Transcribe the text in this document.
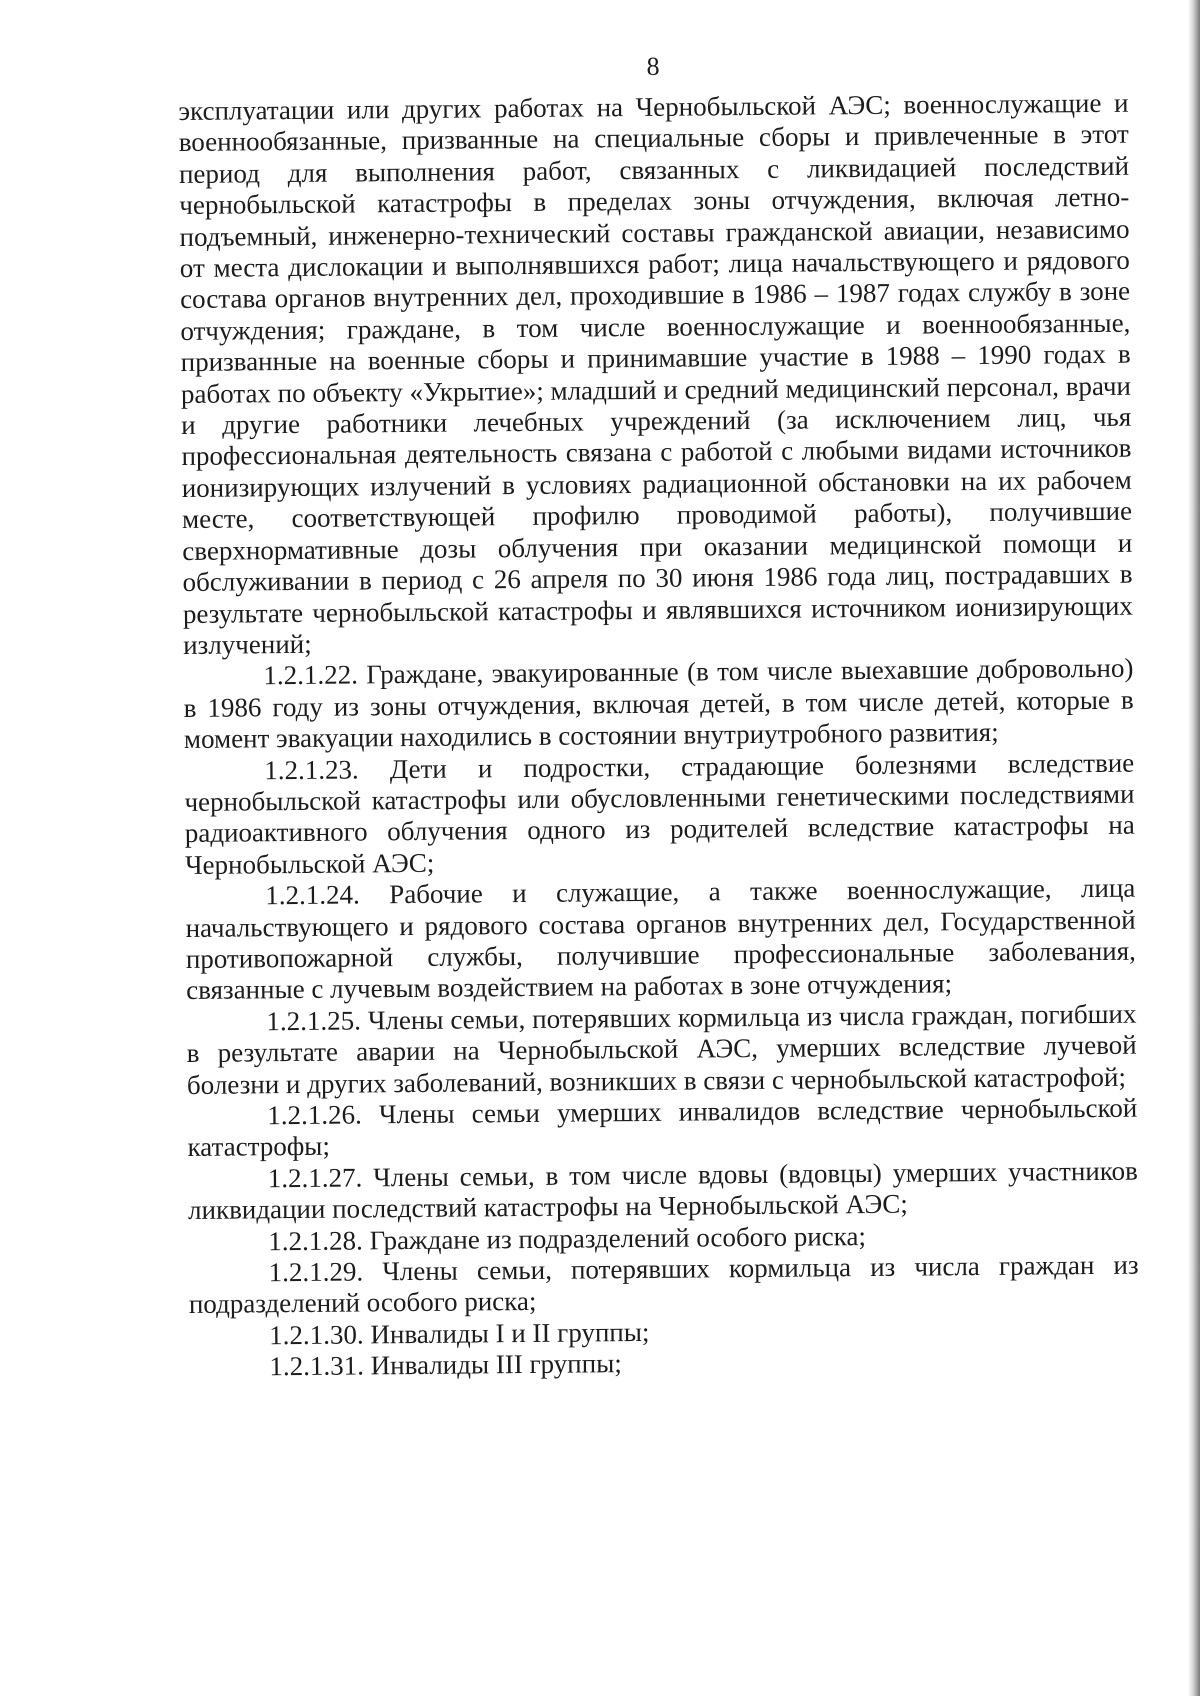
8

эксплуатации или других работах на Чернобыльской АЭС; военнослужащие и военнообязанные, призванные на специальные сборы и привлеченные в этот период для выполнения работ, связанных с ликвидацией последствий чернобыльской катастрофы в пределах зоны отчуждения, включая летно-подъемный, инженерно-технический составы гражданской авиации, независимо от места дислокации и выполнявшихся работ; лица начальствующего и рядового состава органов внутренних дел, проходившие в 1986 – 1987 годах службу в зоне отчуждения; граждане, в том числе военнослужащие и военнообязанные, призванные на военные сборы и принимавшие участие в 1988 – 1990 годах в работах по объекту «Укрытие»; младший и средний медицинский персонал, врачи и другие работники лечебных учреждений (за исключением лиц, чья профессиональная деятельность связана с работой с любыми видами источников ионизирующих излучений в условиях радиационной обстановки на их рабочем месте, соответствующей профилю проводимой работы), получившие сверхнормативные дозы облучения при оказании медицинской помощи и обслуживании в период с 26 апреля по 30 июня 1986 года лиц, пострадавших в результате чернобыльской катастрофы и являвшихся источником ионизирующих излучений;

1.2.1.22. Граждане, эвакуированные (в том числе выехавшие добровольно) в 1986 году из зоны отчуждения, включая детей, в том числе детей, которые в момент эвакуации находились в состоянии внутриутробного развития;

1.2.1.23. Дети и подростки, страдающие болезнями вследствие чернобыльской катастрофы или обусловленными генетическими последствиями радиоактивного облучения одного из родителей вследствие катастрофы на Чернобыльской АЭС;

1.2.1.24. Рабочие и служащие, а также военнослужащие, лица начальствующего и рядового состава органов внутренних дел, Государственной противопожарной службы, получившие профессиональные заболевания, связанные с лучевым воздействием на работах в зоне отчуждения;

1.2.1.25. Члены семьи, потерявших кормильца из числа граждан, погибших в результате аварии на Чернобыльской АЭС, умерших вследствие лучевой болезни и других заболеваний, возникших в связи с чернобыльской катастрофой;

1.2.1.26. Члены семьи умерших инвалидов вследствие чернобыльской катастрофы;

1.2.1.27. Члены семьи, в том числе вдовы (вдовцы) умерших участников ликвидации последствий катастрофы на Чернобыльской АЭС;

1.2.1.28. Граждане из подразделений особого риска;

1.2.1.29. Члены семьи, потерявших кормильца из числа граждан из подразделений особого риска;

1.2.1.30. Инвалиды I и II группы;

1.2.1.31. Инвалиды III группы;
